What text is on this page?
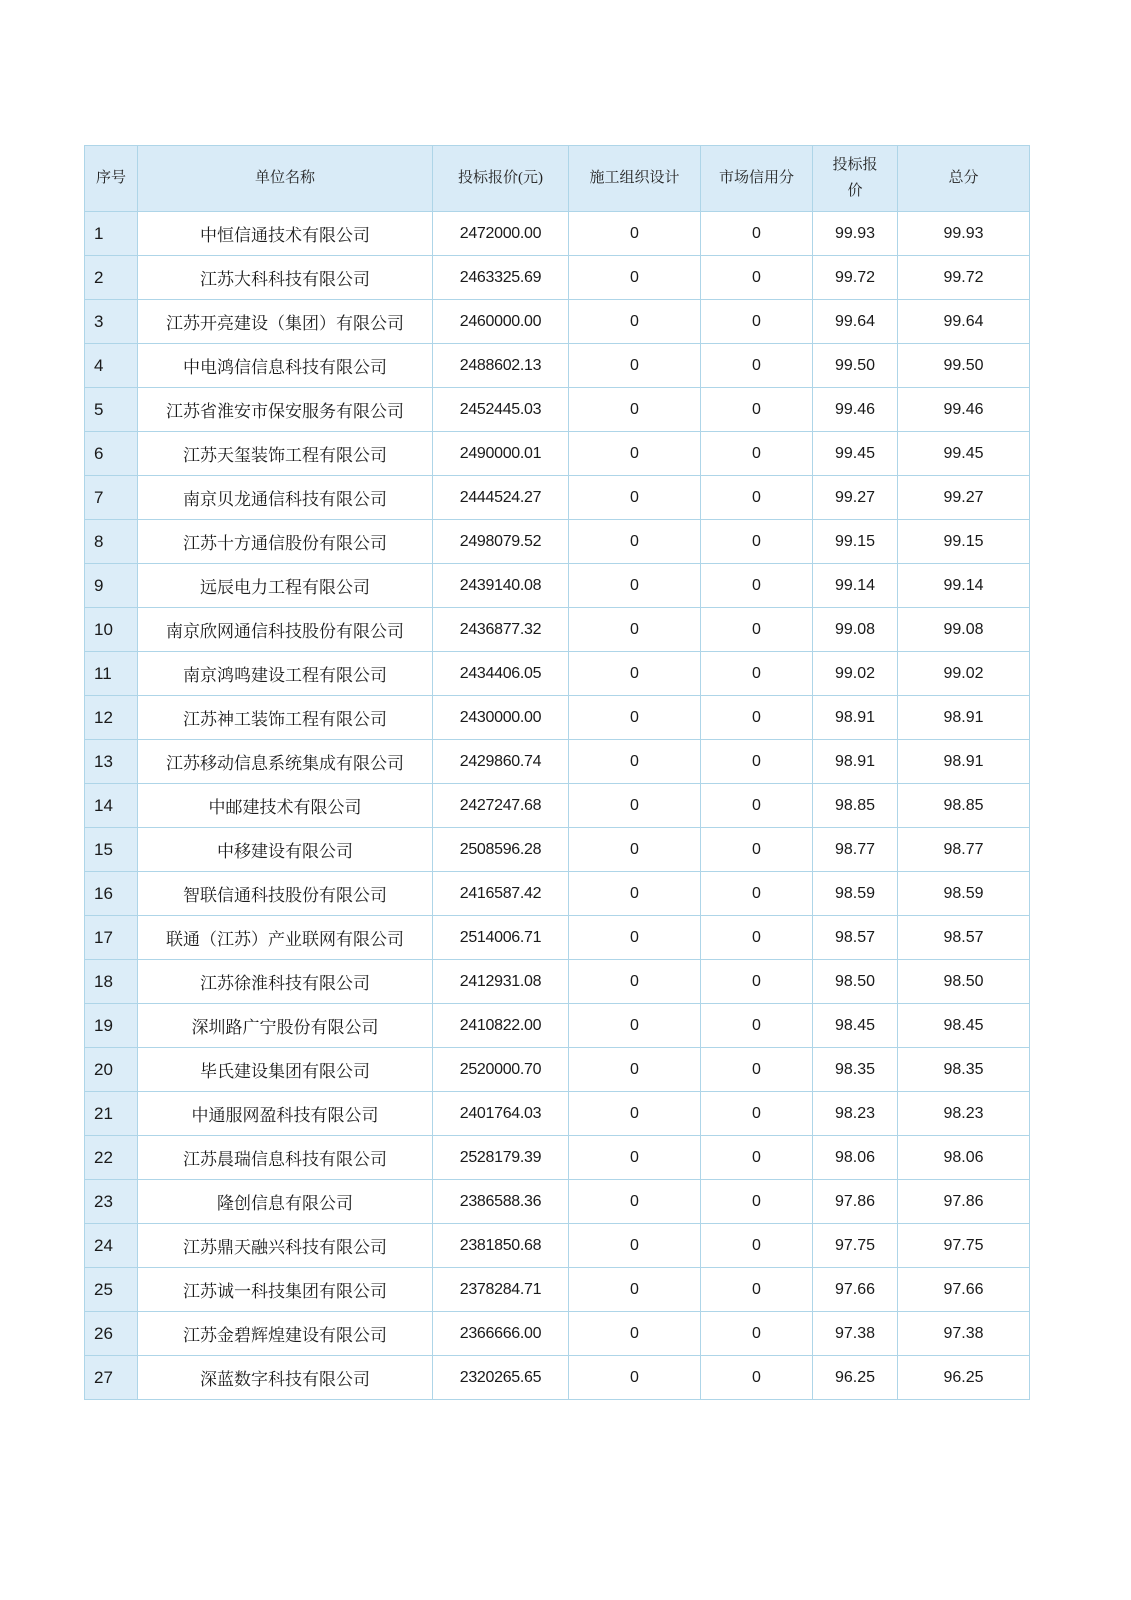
序号	单位名称	投标报价(元)	施工组织设计	市场信用分	投标报价	总分
1	中恒信通技术有限公司	2472000.00	0	0	99.93	99.93
2	江苏大科科技有限公司	2463325.69	0	0	99.72	99.72
3	江苏开亮建设（集团）有限公司	2460000.00	0	0	99.64	99.64
4	中电鸿信信息科技有限公司	2488602.13	0	0	99.50	99.50
5	江苏省淮安市保安服务有限公司	2452445.03	0	0	99.46	99.46
6	江苏天玺装饰工程有限公司	2490000.01	0	0	99.45	99.45
7	南京贝龙通信科技有限公司	2444524.27	0	0	99.27	99.27
8	江苏十方通信股份有限公司	2498079.52	0	0	99.15	99.15
9	远辰电力工程有限公司	2439140.08	0	0	99.14	99.14
10	南京欣网通信科技股份有限公司	2436877.32	0	0	99.08	99.08
11	南京鸿鸣建设工程有限公司	2434406.05	0	0	99.02	99.02
12	江苏神工装饰工程有限公司	2430000.00	0	0	98.91	98.91
13	江苏移动信息系统集成有限公司	2429860.74	0	0	98.91	98.91
14	中邮建技术有限公司	2427247.68	0	0	98.85	98.85
15	中移建设有限公司	2508596.28	0	0	98.77	98.77
16	智联信通科技股份有限公司	2416587.42	0	0	98.59	98.59
17	联通（江苏）产业联网有限公司	2514006.71	0	0	98.57	98.57
18	江苏徐淮科技有限公司	2412931.08	0	0	98.50	98.50
19	深圳路广宁股份有限公司	2410822.00	0	0	98.45	98.45
20	毕氏建设集团有限公司	2520000.70	0	0	98.35	98.35
21	中通服网盈科技有限公司	2401764.03	0	0	98.23	98.23
22	江苏晨瑞信息科技有限公司	2528179.39	0	0	98.06	98.06
23	隆创信息有限公司	2386588.36	0	0	97.86	97.86
24	江苏鼎天融兴科技有限公司	2381850.68	0	0	97.75	97.75
25	江苏诚一科技集团有限公司	2378284.71	0	0	97.66	97.66
26	江苏金碧辉煌建设有限公司	2366666.00	0	0	97.38	97.38
27	深蓝数字科技有限公司	2320265.65	0	0	96.25	96.25
